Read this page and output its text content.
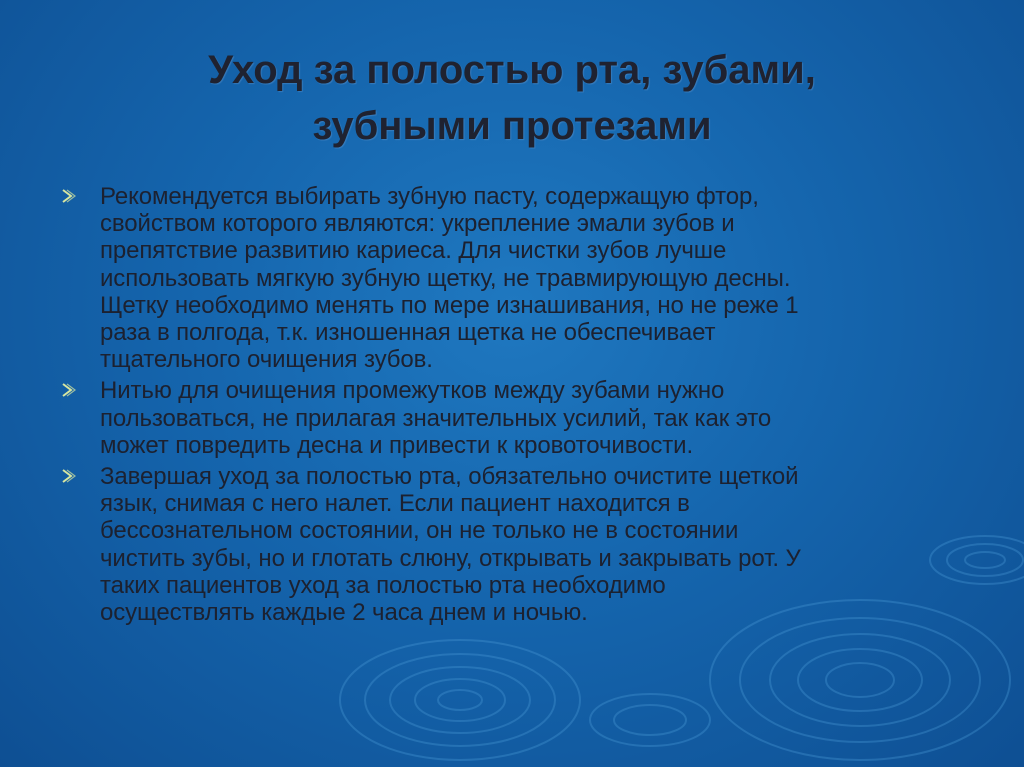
Уход за полостью рта, зубами,
зубными протезами
Рекомендуется выбирать зубную пасту, содержащую фтор,
свойством которого являются: укрепление эмали зубов и
препятствие развитию кариеса. Для чистки зубов лучше
использовать мягкую зубную щетку, не травмирующую десны.
Щетку необходимо менять по мере изнашивания, но не реже 1
раза в полгода, т.к. изношенная щетка не обеспечивает
тщательного очищения зубов.
Нитью для очищения промежутков между зубами нужно
пользоваться, не прилагая значительных усилий, так как это
может повредить десна и привести к кровоточивости.
Завершая уход за полостью рта, обязательно очистите щеткой
язык, снимая с него налет. Если пациент находится в
бессознательном состоянии, он не только не в состоянии
чистить зубы, но и глотать слюну, открывать и закрывать рот. У
таких пациентов уход за полостью рта необходимо
осуществлять каждые 2 часа днем и ночью.
